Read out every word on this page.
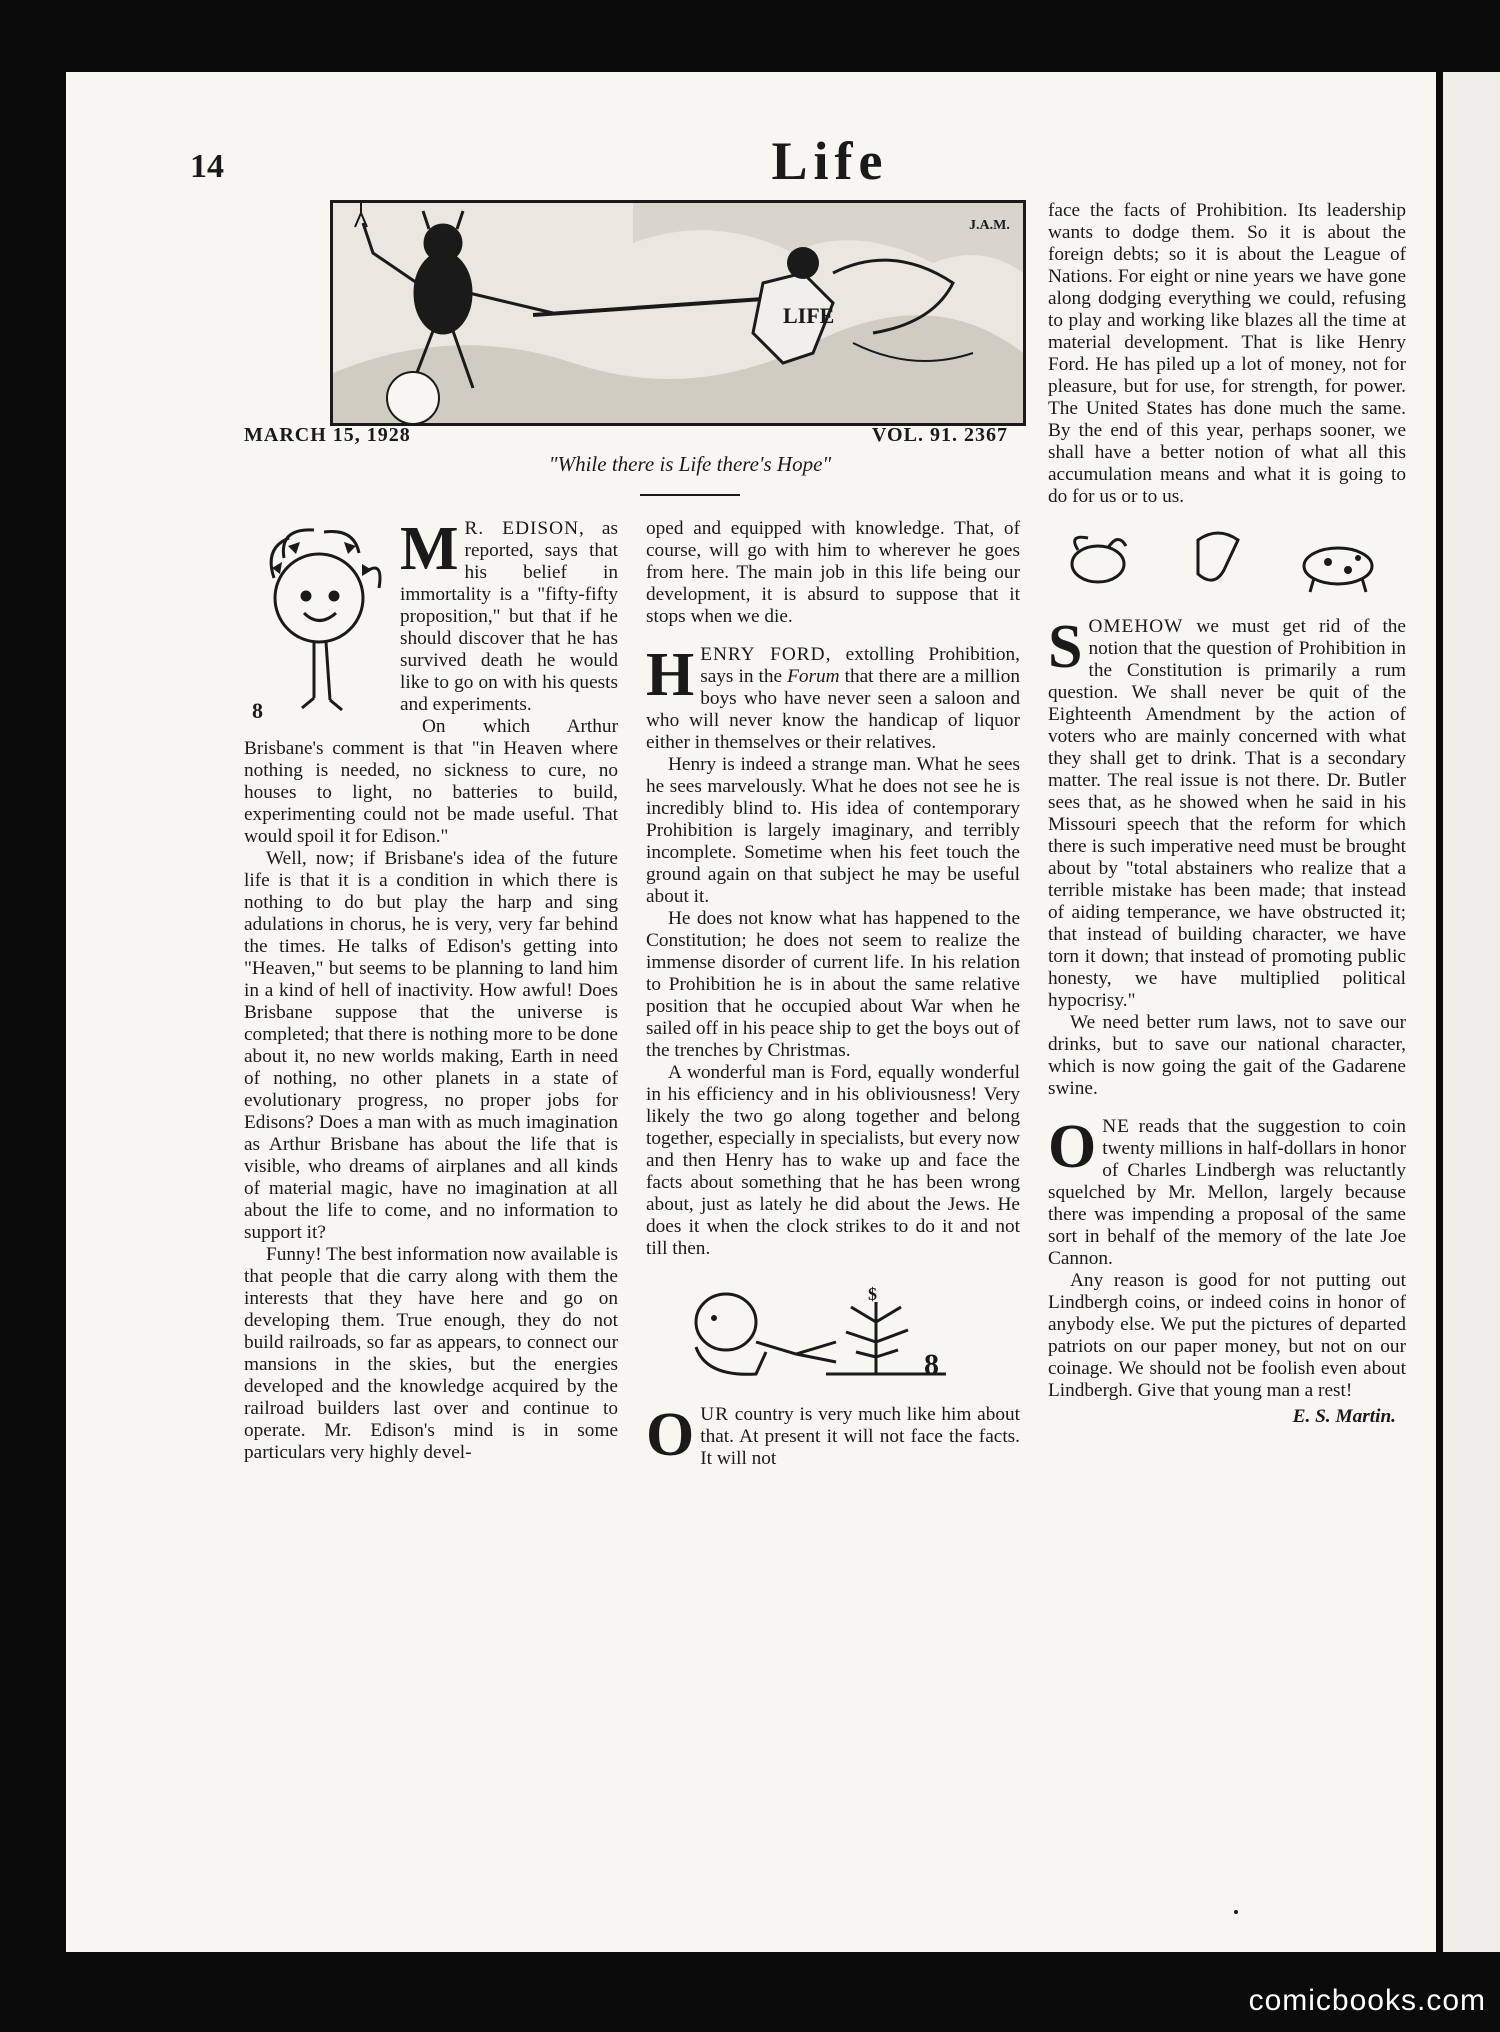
14	Life
LIFE
J.A.M.
MARCH 15, 1928	VOL. 91. 2367
"While there is Life there's Hope"
8

M R. EDISON, as reported, says that his belief in immortality is a "fifty-fifty proposition," but that if he should discover that he has survived death he would like to go on with his quests and experiments.

On which Arthur Brisbane's comment is that "in Heaven where nothing is needed, no sickness to cure, no houses to light, no batteries to build, experimenting could not be made useful. That would spoil it for Edison."

Well, now; if Brisbane's idea of the future life is that it is a condition in which there is nothing to do but play the harp and sing adulations in chorus, he is very, very far behind the times. He talks of Edison's getting into "Heaven," but seems to be planning to land him in a kind of hell of inactivity. How awful! Does Brisbane suppose that the universe is completed; that there is nothing more to be done about it, no new worlds making, Earth in need of nothing, no other planets in a state of evolutionary progress, no proper jobs for Edisons? Does a man with as much imagination as Arthur Brisbane has about the life that is visible, who dreams of airplanes and all kinds of material magic, have no imagination at all about the life to come, and no information to support it?

Funny! The best information now available is that people that die carry along with them the interests that they have here and go on developing them. True enough, they do not build railroads, so far as appears, to connect our mansions in the skies, but the energies developed and the knowledge acquired by the railroad builders last over and continue to operate. Mr. Edison's mind is in some particulars very highly devel-

oped and equipped with knowledge. That, of course, will go with him to wherever he goes from here. The main job in this life being our development, it is absurd to suppose that it stops when we die.

HENRY FORD, extolling Prohibition, says in the Forum that there are a million boys who have never seen a saloon and who will never know the handicap of liquor either in themselves or their relatives.

Henry is indeed a strange man. What he sees he sees marvelously. What he does not see he is incredibly blind to. His idea of contemporary Prohibition is largely imaginary, and terribly incomplete. Sometime when his feet touch the ground again on that subject he may be useful about it.

He does not know what has happened to the Constitution; he does not seem to realize the immense disorder of current life. In his relation to Prohibition he is in about the same relative position that he occupied about War when he sailed off in his peace ship to get the boys out of the trenches by Christmas.

A wonderful man is Ford, equally wonderful in his efficiency and in his obliviousness! Very likely the two go along together and belong together, especially in specialists, but every now and then Henry has to wake up and face the facts about something that he has been wrong about, just as lately he did about the Jews. He does it when the clock strikes to do it and not till then.

$
8

OUR country is very much like him about that. At present it will not face the facts. It will not

face the facts of Prohibition. Its leadership wants to dodge them. So it is about the foreign debts; so it is about the League of Nations. For eight or nine years we have gone along dodging everything we could, refusing to play and working like blazes all the time at material development. That is like Henry Ford. He has piled up a lot of money, not for pleasure, but for use, for strength, for power. The United States has done much the same. By the end of this year, perhaps sooner, we shall have a better notion of what all this accumulation means and what it is going to do for us or to us.

SOMEHOW we must get rid of the notion that the question of Prohibition in the Constitution is primarily a rum question. We shall never be quit of the Eighteenth Amendment by the action of voters who are mainly concerned with what they shall get to drink. That is a secondary matter. The real issue is not there. Dr. Butler sees that, as he showed when he said in his Missouri speech that the reform for which there is such imperative need must be brought about by "total abstainers who realize that a terrible mistake has been made; that instead of aiding temperance, we have obstructed it; that instead of building character, we have torn it down; that instead of promoting public honesty, we have multiplied political hypocrisy."

We need better rum laws, not to save our drinks, but to save our national character, which is now going the gait of the Gadarene swine.

ONE reads that the suggestion to coin twenty millions in half-dollars in honor of Charles Lindbergh was reluctantly squelched by Mr. Mellon, largely because there was impending a proposal of the same sort in behalf of the memory of the late Joe Cannon.

Any reason is good for not putting out Lindbergh coins, or indeed coins in honor of anybody else. We put the pictures of departed patriots on our paper money, but not on our coinage. We should not be foolish even about Lindbergh. Give that young man a rest!

E. S. Martin.
comicbooks.com
